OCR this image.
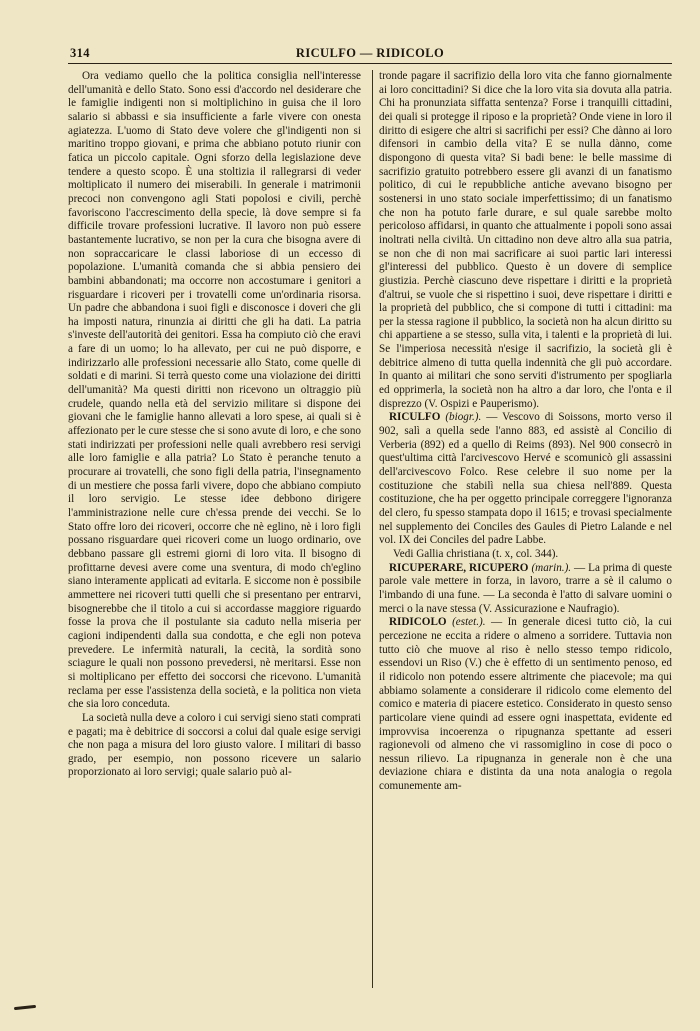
314	RICULFO — RIDICOLO

Ora vediamo quello che la politica consiglia nell'interesse dell'umanità e dello Stato. Sono essi d'accordo nel desiderare che le famiglie indigenti non si moltiplichino in guisa che il loro salario si abbassi e sia insufficiente a farle vivere con onesta agiatezza. L'uomo di Stato deve volere che gl'indigenti non si maritino troppo giovani, e prima che abbiano potuto riunir con fatica un piccolo capitale. Ogni sforzo della legislazione deve tendere a questo scopo. È una stoltizia il rallegrarsi di veder moltiplicato il numero dei miserabili. In generale i matrimonii precoci non convengono agli Stati popolosi e civili, perchè favoriscono l'accrescimento della specie, là dove sempre si fa difficile trovare professioni lucrative. Il lavoro non può essere bastantemente lucrativo, se non per la cura che bisogna avere di non sopraccaricare le classi laboriose di un eccesso di popolazione. L'umanità comanda che si abbia pensiero dei bambini abbandonati; ma occorre non accostumare i genitori a risguardare i ricoveri per i trovatelli come un'ordinaria risorsa. Un padre che abbandona i suoi figli e disconosce i doveri che gli ha imposti natura, rinunzia ai diritti che gli ha dati. La patria s'investe dell'autorità dei genitori. Essa ha compiuto ciò che eravi a fare di un uomo; lo ha allevato, per cui ne può disporre, e indirizzarlo alle professioni necessarie allo Stato, come quelle di soldati e di marini. Si terrà questo come una violazione dei diritti dell'umanità? Ma questi diritti non ricevono un oltraggio più crudele, quando nella età del servizio militare si dispone dei giovani che le famiglie hanno allevati a loro spese, ai quali si è affezionato per le cure stesse che si sono avute di loro, e che sono stati indirizzati per professioni nelle quali avrebbero resi servigi alle loro famiglie e alla patria? Lo Stato è peranche tenuto a procurare ai trovatelli, che sono figli della patria, l'insegnamento di un mestiere che possa farli vivere, dopo che abbiano compiuto il loro servigio. Le stesse idee debbono dirigere l'amministrazione nelle cure ch'essa prende dei vecchi. Se lo Stato offre loro dei ricoveri, occorre che nè eglino, nè i loro figli possano risguardare quei ricoveri come un luogo ordinario, ove debbano passare gli estremi giorni di loro vita. Il bisogno di profittarne devesi avere come una sventura, di modo ch'eglino siano interamente applicati ad evitarla. E siccome non è possibile ammettere nei ricoveri tutti quelli che si presentano per entrarvi, bisognerebbe che il titolo a cui si accordasse maggiore riguardo fosse la prova che il postulante sia caduto nella miseria per cagioni indipendenti dalla sua condotta, e che egli non poteva prevedere. Le infermità naturali, la cecità, la sordità sono sciagure le quali non possono prevedersi, nè meritarsi. Esse non si moltiplicano per effetto dei soccorsi che ricevono. L'umanità reclama per esse l'assistenza della società, e la politica non vieta che sia loro conceduta.

La società nulla deve a coloro i cui servigi sieno stati comprati e pagati; ma è debitrice di soccorsi a colui dal quale esige servigi che non paga a misura del loro giusto valore. I militari di basso grado, per esempio, non possono ricevere un salario proporzionato ai loro servigi; quale salario può al-

tronde pagare il sacrifizio della loro vita che fanno giornalmente ai loro concittadini? Si dice che la loro vita sia dovuta alla patria. Chi ha pronunziata siffatta sentenza? Forse i tranquilli cittadini, dei quali si protegge il riposo e la proprietà? Onde viene in loro il diritto di esigere che altri si sacrifichi per essi? Che dànno ai loro difensori in cambio della vita? E se nulla dànno, come dispongono di questa vita? Si badi bene: le belle massime di sacrifizio gratuito potrebbero essere gli avanzi di un fanatismo politico, di cui le repubbliche antiche avevano bisogno per sostenersi in uno stato sociale imperfettissimo; di un fanatismo che non ha potuto farle durare, e sul quale sarebbe molto pericoloso affidarsi, in quanto che attualmente i popoli sono assai inoltrati nella civiltà. Un cittadino non deve altro alla sua patria, se non che di non mai sacrificare ai suoi partic lari interessi gl'interessi del pubblico. Questo è un dovere di semplice giustizia. Perchè ciascuno deve rispettare i diritti e la proprietà d'altrui, se vuole che si rispettino i suoi, deve rispettare i diritti e la proprietà del pubblico, che si compone di tutti i cittadini: ma per la stessa ragione il pubblico, la società non ha alcun diritto su chi appartiene a se stesso, sulla vita, i talenti e la proprietà di lui. Se l'imperiosa necessità n'esige il sacrifizio, la società gli è debitrice almeno di tutta quella indennità che gli può accordare. In quanto ai militari che sono serviti d'istrumento per spogliarla ed opprimerla, la società non ha altro a dar loro, che l'onta e il disprezzo (V. Ospizi e Pauperismo).

RICULFO (biogr.). — Vescovo di Soissons, morto verso il 902, salì a quella sede l'anno 883, ed assistè al Concilio di Verberia (892) ed a quello di Reims (893). Nel 900 consecrò in quest'ultima città l'arcivescovo Hervé e scomunicò gli assassini dell'arcivescovo Folco. Rese celebre il suo nome per la costituzione che stabilì nella sua chiesa nell'889. Questa costituzione, che ha per oggetto principale correggere l'ignoranza del clero, fu spesso stampata dopo il 1615; e trovasi specialmente nel supplemento dei Conciles des Gaules di Pietro Lalande e nel vol. IX dei Conciles del padre Labbe.

Vedi Gallia christiana (t. x, col. 344).

RICUPERARE, RICUPERO (marin.). — La prima di queste parole vale mettere in forza, in lavoro, trarre a sè il calumo o l'imbando di una fune. — La seconda è l'atto di salvare uomini o merci o la nave stessa (V. Assicurazione e Naufragio).

RIDICOLO (estet.). — In generale dicesi tutto ciò, la cui percezione ne eccita a ridere o almeno a sorridere. Tuttavia non tutto ciò che muove al riso è nello stesso tempo ridicolo, essendovi un Riso (V.) che è effetto di un sentimento penoso, ed il ridicolo non potendo essere altrimente che piacevole; ma qui abbiamo solamente a considerare il ridicolo come elemento del comico e materia di piacere estetico. Considerato in questo senso particolare viene quindi ad essere ogni inaspettata, evidente ed improvvisa incoerenza o ripugnanza spettante ad esseri ragionevoli od almeno che vi rassomiglino in cose di poco o nessun rilievo. La ripugnanza in generale non è che una deviazione chiara e distinta da una nota analogia o regola comunemente am-
